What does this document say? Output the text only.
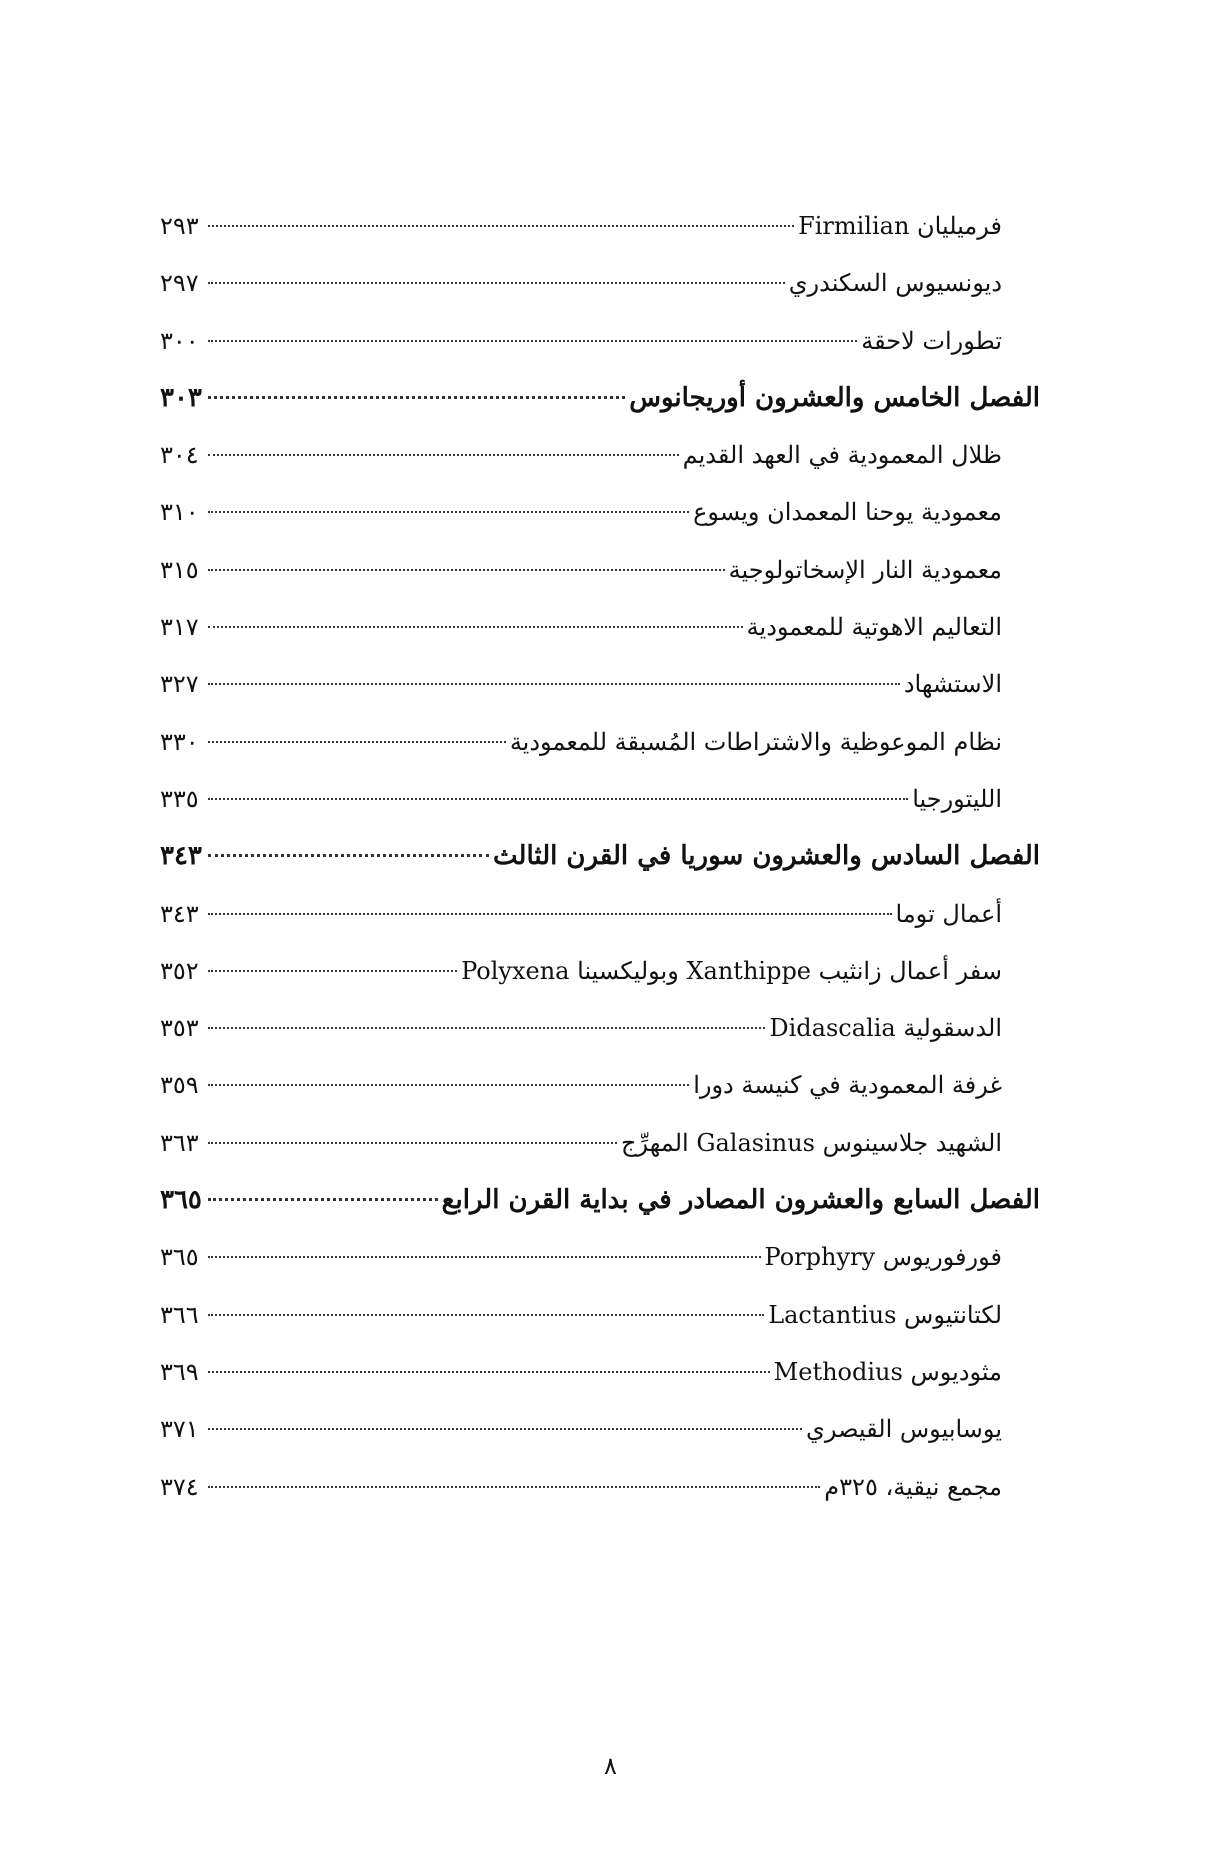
فرميليان Firmilian
٢٩٣
ديونسيوس السكندري
٢٩٧
تطورات لاحقة
٣٠٠
الفصل الخامس والعشرون أوريجانوس
٣٠٣
ظلال المعمودية في العهد القديم
٣٠٤
معمودية يوحنا المعمدان ويسوع
٣١٠
معمودية النار الإسخاتولوجية
٣١٥
التعاليم الاهوتية للمعمودية
٣١٧
الاستشهاد
٣٢٧
نظام الموعوظية والاشتراطات المُسبقة للمعمودية
٣٣٠
الليتورجيا
٣٣٥
الفصل السادس والعشرون سوريا في القرن الثالث
٣٤٣
أعمال توما
٣٤٣
سفر أعمال زانثيب Xanthippe وبوليكسينا Polyxena
٣٥٢
الدسقولية Didascalia
٣٥٣
غرفة المعمودية في كنيسة دورا
٣٥٩
الشهيد جلاسينوس Galasinus المهرِّج
٣٦٣
الفصل السابع والعشرون المصادر في بداية القرن الرابع
٣٦٥
فورفوريوس Porphyry
٣٦٥
لكتانتيوس Lactantius
٣٦٦
مثوديوس Methodius
٣٦٩
يوسابيوس القيصري
٣٧١
مجمع نيقية، ٣٢٥م
٣٧٤
٨
